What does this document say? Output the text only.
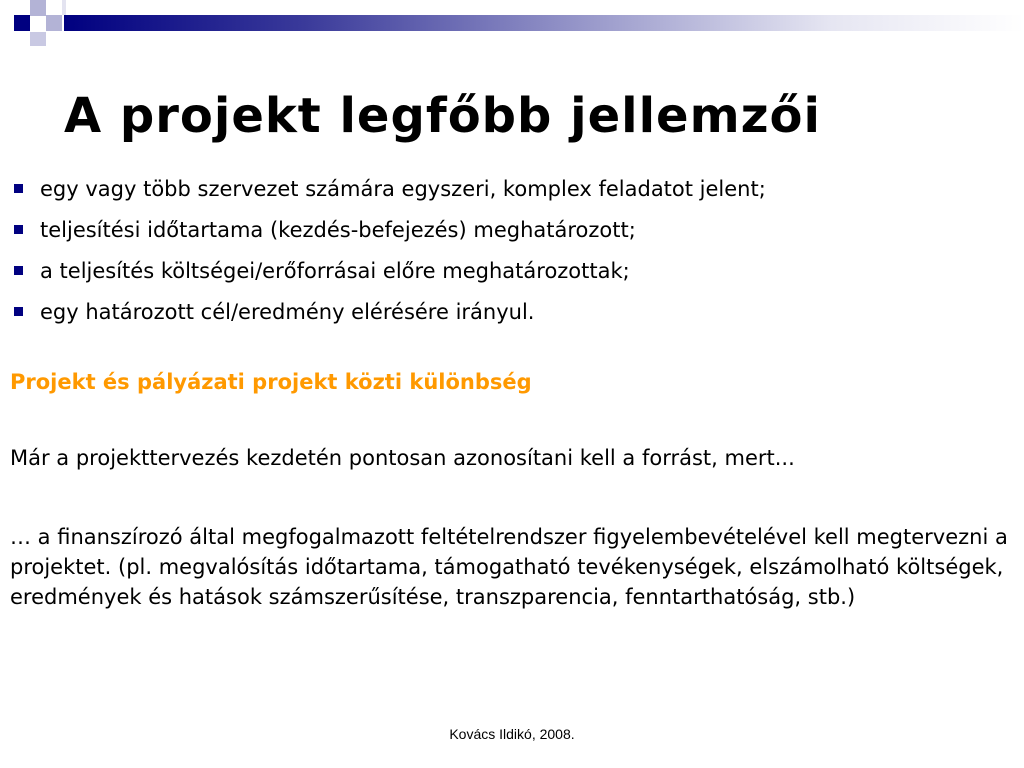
A projekt legfőbb jellemzői
egy vagy több szervezet számára egyszeri, komplex feladatot jelent;
teljesítési időtartama (kezdés-befejezés) meghatározott;
a teljesítés költségei/erőforrásai előre meghatározottak;
egy határozott cél/eredmény elérésére irányul.

Projekt és pályázati projekt közti különbség

Már a projekttervezés kezdetén pontosan azonosítani kell a forrást, mert...

… a finanszírozó által megfogalmazott feltételrendszer figyelembevételével kell megtervezni a projektet. (pl. megvalósítás időtartama, támogatható tevékenységek, elszámolható költségek, eredmények és hatások számszerűsítése, transzparencia, fenntarthatóság, stb.)

Kovács Ildikó, 2008.
